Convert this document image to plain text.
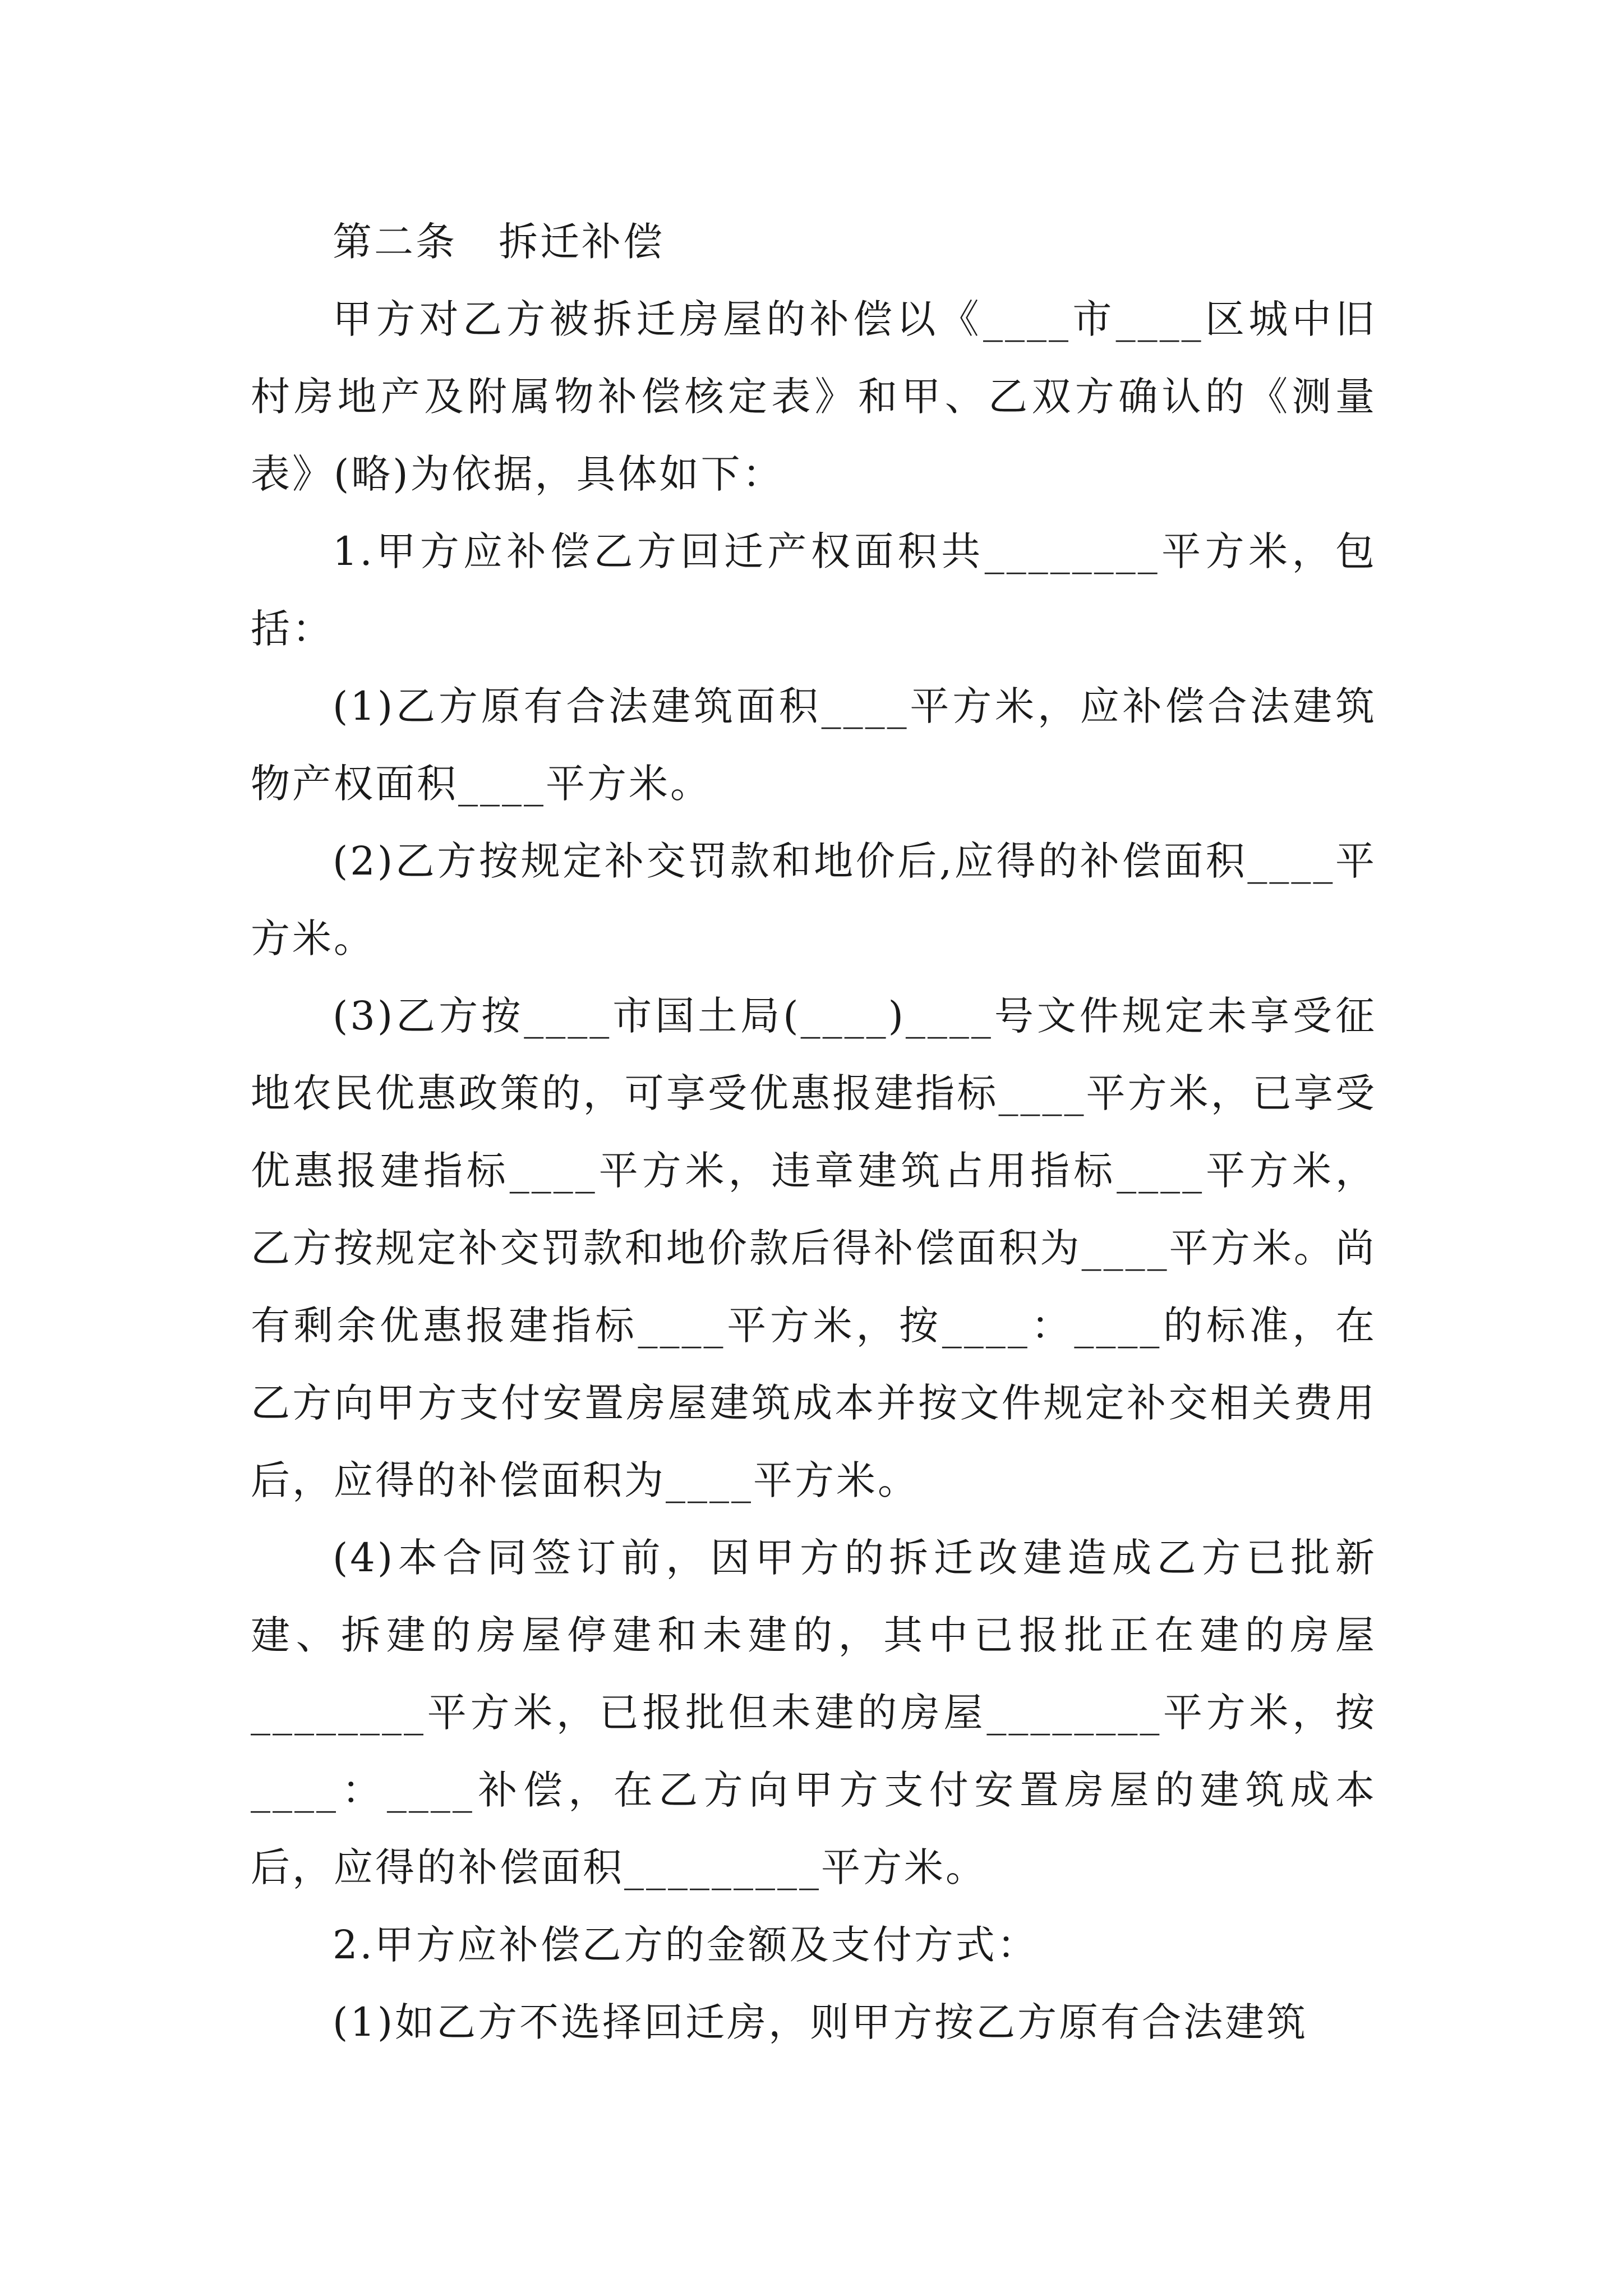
第二条　拆迁补偿

甲方对乙方被拆迁房屋的补偿以《____市____区城中旧村房地产及附属物补偿核定表》和甲、乙双方确认的《测量表》(略)为依据，具体如下：

1.甲方应补偿乙方回迁产权面积共________平方米，包括：

(1)乙方原有合法建筑面积____平方米，应补偿合法建筑物产权面积____平方米。

(2)乙方按规定补交罚款和地价后,应得的补偿面积____平方米。

(3)乙方按____市国土局(____)____号文件规定未享受征地农民优惠政策的，可享受优惠报建指标____平方米，已享受优惠报建指标____平方米，违章建筑占用指标____平方米，乙方按规定补交罚款和地价款后得补偿面积为____平方米。尚有剩余优惠报建指标____平方米，按____：____的标准，在乙方向甲方支付安置房屋建筑成本并按文件规定补交相关费用后，应得的补偿面积为____平方米。

(4)本合同签订前，因甲方的拆迁改建造成乙方已批新建、拆建的房屋停建和未建的，其中已报批正在建的房屋________平方米，已报批但未建的房屋________平方米，按____：____补偿，在乙方向甲方支付安置房屋的建筑成本后，应得的补偿面积_________平方米。

2.甲方应补偿乙方的金额及支付方式：

(1)如乙方不选择回迁房，则甲方按乙方原有合法建筑
